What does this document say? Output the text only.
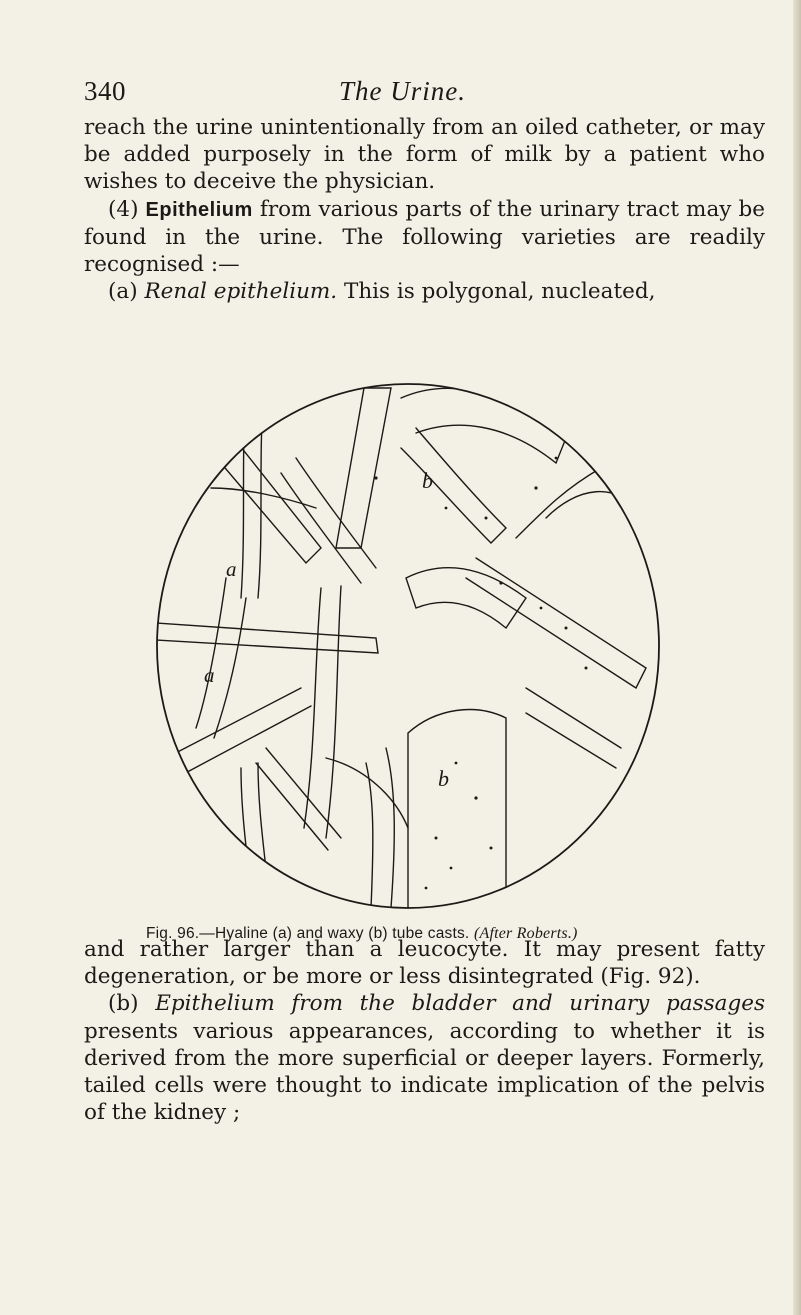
340	The Urine.

reach the urine unintentionally from an oiled catheter, or may be added purposely in the form of milk by a patient who wishes to deceive the physician.

(4) Epithelium from various parts of the urinary tract may be found in the urine. The following varieties are readily recognised :—

(a) Renal epithelium. This is polygonal, nucleated,

a
a
b
b
Fig. 96.—Hyaline (a) and waxy (b) tube casts. (After Roberts.)

and rather larger than a leucocyte. It may present fatty degeneration, or be more or less disintegrated (Fig. 92).

(b) Epithelium from the bladder and urinary passages presents various appearances, according to whether it is derived from the more superficial or deeper layers. Formerly, tailed cells were thought to indicate implication of the pelvis of the kidney ;
